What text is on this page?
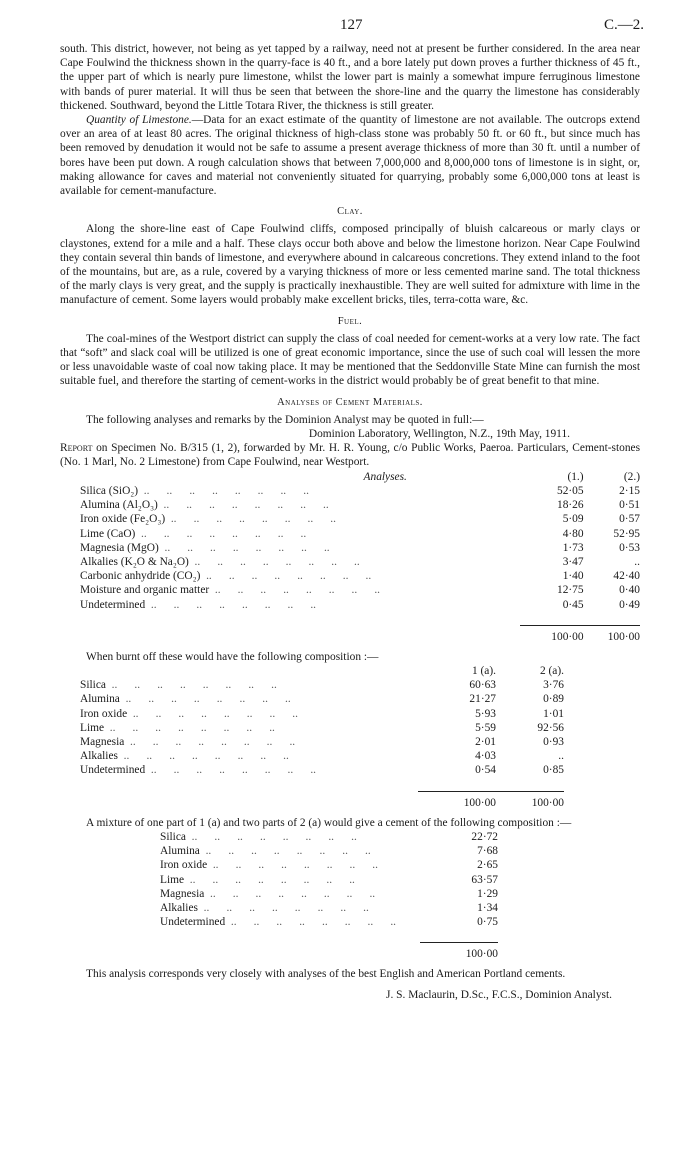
127	C.—2.

south. This district, however, not being as yet tapped by a railway, need not at present be further considered. In the area near Cape Foulwind the thickness shown in the quarry-face is 40 ft., and a bore lately put down proves a further thickness of 45 ft., the upper part of which is nearly pure limestone, whilst the lower part is mainly a somewhat impure ferruginous limestone with bands of purer material. It will thus be seen that between the shore-line and the quarry the limestone has considerably thickened. Southward, beyond the Little Totara River, the thickness is still greater.

Quantity of Limestone.—Data for an exact estimate of the quantity of limestone are not available. The outcrops extend over an area of at least 80 acres. The original thickness of high-class stone was probably 50 ft. or 60 ft., but since much has been removed by denudation it would not be safe to assume a present average thickness of more than 30 ft. until a number of bores have been put down. A rough calculation shows that between 7,000,000 and 8,000,000 tons of limestone is in sight, or, making allowance for caves and material not conveniently situated for quarrying, probably some 6,000,000 tons at least is available for cement-manufacture.

Clay.

Along the shore-line east of Cape Foulwind cliffs, composed principally of bluish calcareous or marly clays or claystones, extend for a mile and a half. These clays occur both above and below the limestone horizon. Near Cape Foulwind they contain several thin bands of limestone, and everywhere abound in calcareous concretions. They extend inland to the foot of the mountains, but are, as a rule, covered by a varying thickness of more or less cemented marine sand. The total thickness of the marly clays is very great, and the supply is practically inexhaustible. They are well suited for admixture with lime in the manufacture of cement. Some layers would probably make excellent bricks, tiles, terra-cotta ware, &c.

Fuel.

The coal-mines of the Westport district can supply the class of coal needed for cement-works at a very low rate. The fact that “soft” and slack coal will be utilized is one of great economic importance, since the use of such coal will lessen the more or less unavoidable waste of coal now taking place. It may be mentioned that the Seddonville State Mine can furnish the most suitable fuel, and therefore the starting of cement-works in the district would probably be of great benefit to that mine.

Analyses of Cement Materials.

The following analyses and remarks by the Dominion Analyst may be quoted in full:—

Dominion Laboratory, Wellington, N.Z., 19th May, 1911.

Report on Specimen No. B/315 (1, 2), forwarded by Mr. H. R. Young, c/o Public Works, Paeroa. Particulars, Cement-stones (No. 1 Marl, No. 2 Limestone) from Cape Foulwind, near Westport.

Analyses.	(1.)	(2.)
Silica (SiO₂)  ..      ..      ..      ..      ..      ..      ..      ..	52·05	2·15
Alumina (Al₂O₃)  ..      ..      ..      ..      ..      ..      ..      ..	18·26	0·51
Iron oxide (Fe₂O₃)  ..      ..      ..      ..      ..      ..      ..      ..	5·09	0·57
Lime (CaO)  ..      ..      ..      ..      ..      ..      ..      ..	4·80	52·95
Magnesia (MgO)  ..      ..      ..      ..      ..      ..      ..      ..	1·73	0·53
Alkalies (K₂O & Na₂O)  ..      ..      ..      ..      ..      ..      ..      ..	3·47	..
Carbonic anhydride (CO₂)  ..      ..      ..      ..      ..      ..      ..      ..	1·40	42·40
Moisture and organic matter  ..      ..      ..      ..      ..      ..      ..      ..	12·75	0·40
Undetermined  ..      ..      ..      ..      ..      ..      ..      ..	0·45	0·49

	100·00	100·00

When burnt off these would have the following composition :—

	1 (a).	2 (a).
Silica  ..      ..      ..      ..      ..      ..      ..      ..	60·63	3·76
Alumina  ..      ..      ..      ..      ..      ..      ..      ..	21·27	0·89
Iron oxide  ..      ..      ..      ..      ..      ..      ..      ..	5·93	1·01
Lime  ..      ..      ..      ..      ..      ..      ..      ..	5·59	92·56
Magnesia  ..      ..      ..      ..      ..      ..      ..      ..	2·01	0·93
Alkalies  ..      ..      ..      ..      ..      ..      ..      ..	4·03	..
Undetermined  ..      ..      ..      ..      ..      ..      ..      ..	0·54	0·85

	100·00	100·00

A mixture of one part of 1 (a) and two parts of 2 (a) would give a cement of the following composition :—

Silica  ..      ..      ..      ..      ..      ..      ..      ..	22·72
Alumina  ..      ..      ..      ..      ..      ..      ..      ..	7·68
Iron oxide  ..      ..      ..      ..      ..      ..      ..      ..	2·65
Lime  ..      ..      ..      ..      ..      ..      ..      ..	63·57
Magnesia  ..      ..      ..      ..      ..      ..      ..      ..	1·29
Alkalies  ..      ..      ..      ..      ..      ..      ..      ..	1·34
Undetermined  ..      ..      ..      ..      ..      ..      ..      ..	0·75

	100·00

This analysis corresponds very closely with analyses of the best English and American Portland cements.

J. S. Maclaurin, D.Sc., F.C.S., Dominion Analyst.
